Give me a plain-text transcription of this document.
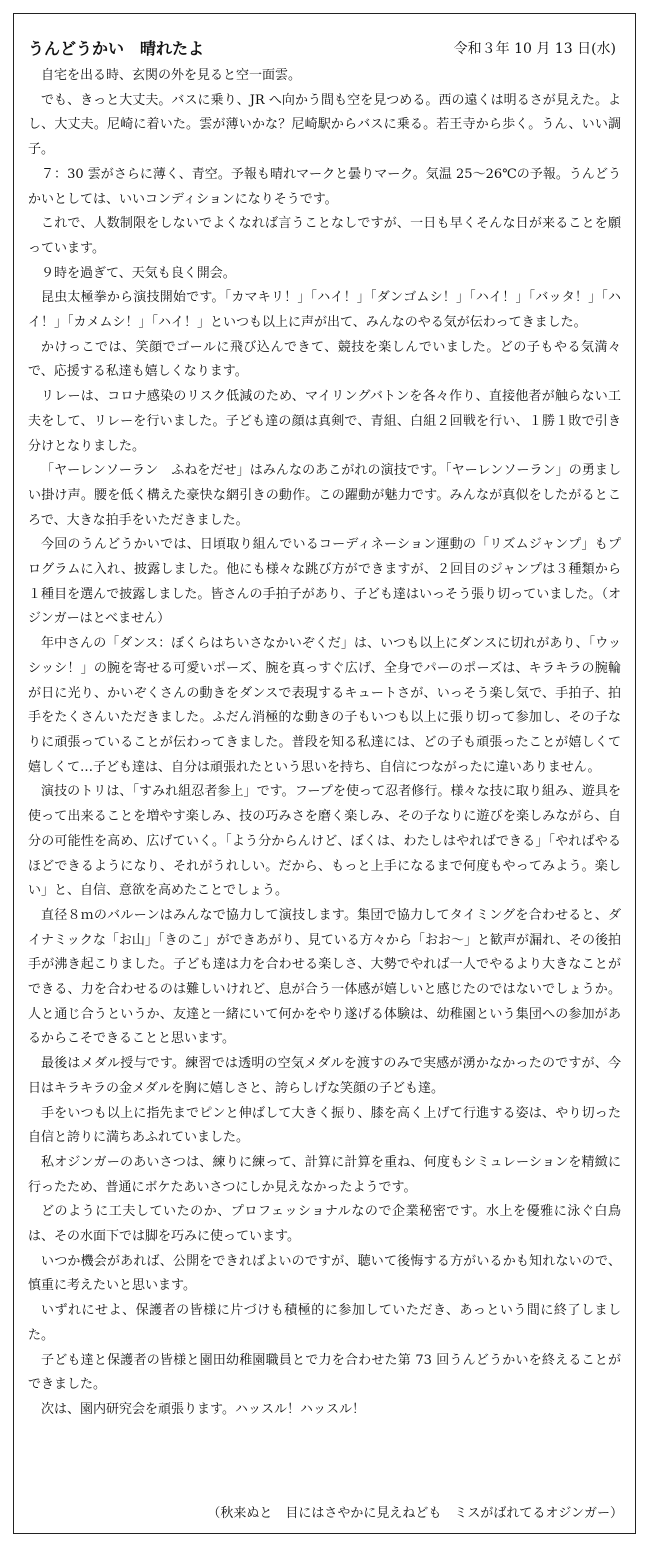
うんどうかい　晴れたよ	令和３年 10 月 13 日(水)

自宅を出る時、玄関の外を見ると空一面雲。

でも、きっと大丈夫。バスに乗り、JR へ向かう間も空を見つめる。西の遠くは明るさが見えた。よし、大丈夫。尼崎に着いた。雲が薄いかな？尼崎駅からバスに乗る。若王寺から歩く。うん、いい調子。

７：30 雲がさらに薄く、青空。予報も晴れマークと曇りマーク。気温 25～26℃の予報。うんどうかいとしては、いいコンディションになりそうです。

これで、人数制限をしないでよくなれば言うことなしですが、一日も早くそんな日が来ることを願っています。

９時を過ぎて、天気も良く開会。

昆虫太極拳から演技開始です。「カマキリ！」「ハイ！」「ダンゴムシ！」「ハイ！」「バッタ！」「ハイ！」「カメムシ！」「ハイ！」といつも以上に声が出て、みんなのやる気が伝わってきました。

かけっこでは、笑顔でゴールに飛び込んできて、競技を楽しんでいました。どの子もやる気満々で、応援する私達も嬉しくなります。

リレーは、コロナ感染のリスク低減のため、マイリングバトンを各々作り、直接他者が触らない工夫をして、リレーを行いました。子ども達の顔は真剣で、青組、白組２回戦を行い、１勝１敗で引き分けとなりました。

「ヤーレンソーラン　ふねをだせ」はみんなのあこがれの演技です。「ヤーレンソーラン」の勇ましい掛け声。腰を低く構えた豪快な網引きの動作。この躍動が魅力です。みんなが真似をしたがるところで、大きな拍手をいただきました。

今回のうんどうかいでは、日頃取り組んでいるコーディネーション運動の「リズムジャンプ」もプログラムに入れ、披露しました。他にも様々な跳び方ができますが、２回目のジャンプは３種類から１種目を選んで披露しました。皆さんの手拍子があり、子ども達はいっそう張り切っていました。（オジンガーはとべません）

年中さんの「ダンス：ぼくらはちいさなかいぞくだ」は、いつも以上にダンスに切れがあり、「ウッシッシ！」の腕を寄せる可愛いポーズ、腕を真っすぐ広げ、全身でパーのポーズは、キラキラの腕輪が日に光り、かいぞくさんの動きをダンスで表現するキュートさが、いっそう楽し気で、手拍子、拍手をたくさんいただきました。ふだん消極的な動きの子もいつも以上に張り切って参加し、その子なりに頑張っていることが伝わってきました。普段を知る私達には、どの子も頑張ったことが嬉しくて嬉しくて…子ども達は、自分は頑張れたという思いを持ち、自信につながったに違いありません。

演技のトリは、「すみれ組忍者参上」です。フープを使って忍者修行。様々な技に取り組み、遊具を使って出来ることを増やす楽しみ、技の巧みさを磨く楽しみ、その子なりに遊びを楽しみながら、自分の可能性を高め、広げていく。「よう分からんけど、ぼくは、わたしはやればできる」「やればやるほどできるようになり、それがうれしい。だから、もっと上手になるまで何度もやってみよう。楽しい」と、自信、意欲を高めたことでしょう。

直径８ｍのバルーンはみんなで協力して演技します。集団で協力してタイミングを合わせると、ダイナミックな「お山」「きのこ」ができあがり、見ている方々から「おお～」と歓声が漏れ、その後拍手が沸き起こりました。子ども達は力を合わせる楽しさ、大勢でやれば一人でやるより大きなことができる、力を合わせるのは難しいけれど、息が合う一体感が嬉しいと感じたのではないでしょうか。人と通じ合うというか、友達と一緒にいて何かをやり遂げる体験は、幼稚園という集団への参加があるからこそできることと思います。

最後はメダル授与です。練習では透明の空気メダルを渡すのみで実感が湧かなかったのですが、今日はキラキラの金メダルを胸に嬉しさと、誇らしげな笑顔の子ども達。

手をいつも以上に指先までピンと伸ばして大きく振り、膝を高く上げて行進する姿は、やり切った自信と誇りに満ちあふれていました。

私オジンガーのあいさつは、練りに練って、計算に計算を重ね、何度もシミュレーションを精緻に行ったため、普通にボケたあいさつにしか見えなかったようです。

どのように工夫していたのか、プロフェッショナルなので企業秘密です。水上を優雅に泳ぐ白鳥は、その水面下では脚を巧みに使っています。

いつか機会があれば、公開をできればよいのですが、聴いて後悔する方がいるかも知れないので、慎重に考えたいと思います。

いずれにせよ、保護者の皆様に片づけも積極的に参加していただき、あっという間に終了しました。

子ども達と保護者の皆様と園田幼稚園職員とで力を合わせた第 73 回うんどうかいを終えることができました。

次は、園内研究会を頑張ります。ハッスル！ハッスル！

（秋来ぬと　目にはさやかに見えねども　ミスがばれてるオジンガー）
